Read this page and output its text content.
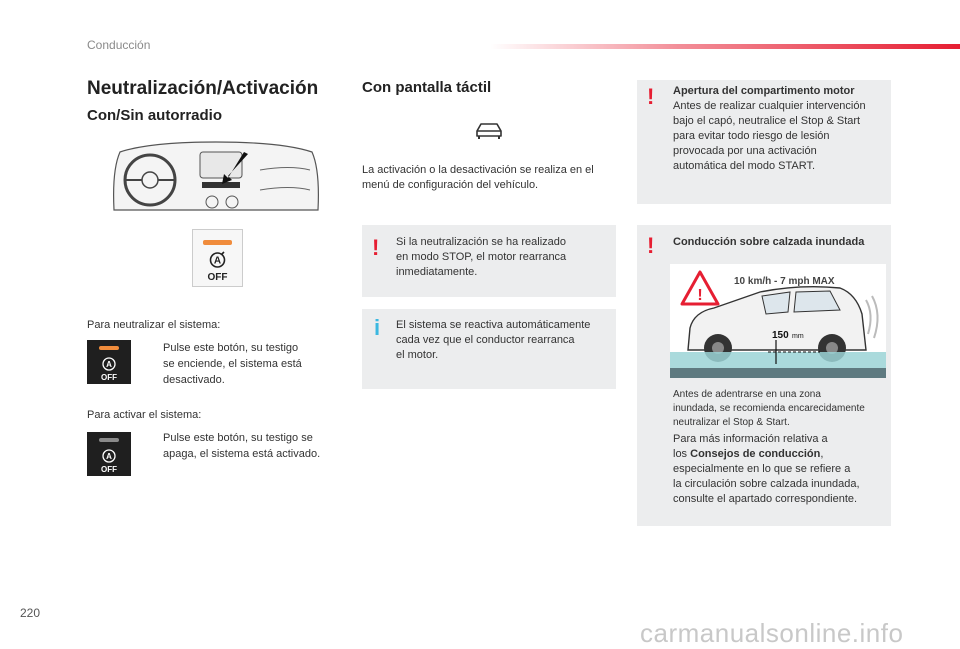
Conducción
Neutralización/Activación
Con/Sin autorradio
A
OFF
Para neutralizar el sistema:
A
OFF
Pulse este botón, su testigo
se enciende, el sistema está
desactivado.
Para activar el sistema:
A
OFF
Pulse este botón, su testigo se
apaga, el sistema está activado.
Con pantalla táctil
La activación o la desactivación se realiza en el
menú de configuración del vehículo.
! Si la neutralización se ha realizado
en modo STOP, el motor rearranca
inmediatamente.
i El sistema se reactiva automáticamente
cada vez que el conductor rearranca
el motor.
! Apertura del compartimento motor
Antes de realizar cualquier intervención
bajo el capó, neutralice el Stop & Start
para evitar todo riesgo de lesión
provocada por una activación
automática del modo START.
! Conducción sobre calzada inundada
!
10 km/h - 7 mph MAX
150 mm
Antes de adentrarse en una zona
inundada, se recomienda encarecidamente
neutralizar el Stop & Start.
Para más información relativa a
los Consejos de conducción,
especialmente en lo que se refiere a
la circulación sobre calzada inundada,
consulte el apartado correspondiente.
220
carmanualsonline.info
